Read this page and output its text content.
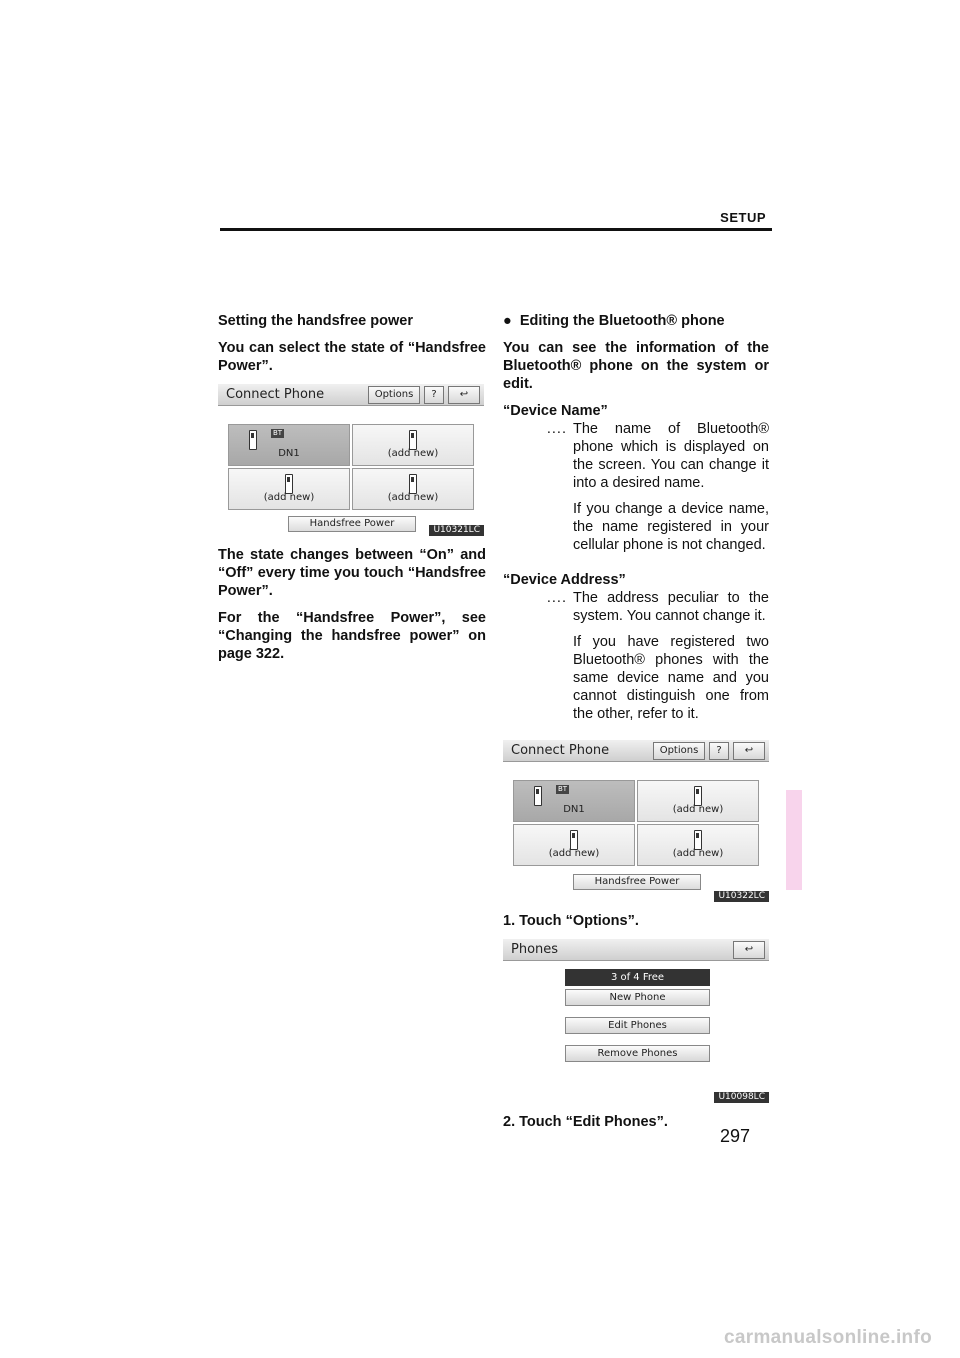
SETUP

Setting the handsfree power

You can select the state of “Handsfree Power”.

Connect Phone	Options	?	↩
BT
DN1	(add new)
(add new)	(add new)
Handsfree Power
U10321LC

The state changes between “On” and “Off” every time you touch “Handsfree Power”.

For the “Handsfree Power”, see “Changing the handsfree power” on page 322.

● Editing the Bluetooth® phone

You can see the information of the Bluetooth® phone on the system or edit.

“Device Name”

.... The name of Bluetooth® phone which is displayed on the screen. You can change it into a desired name.

If you change a device name, the name registered in your cellular phone is not changed.

“Device Address”

.... The address peculiar to the system. You cannot change it.

If you have registered two Bluetooth® phones with the same device name and you cannot distinguish one from the other, refer to it.

Connect Phone	Options	?	↩
BT
DN1	(add new)
(add new)	(add new)
Handsfree Power
U10322LC

1. Touch “Options”.

Phones	↩
3 of 4 Free
New Phone
Edit Phones
Remove Phones
U10098LC

2. Touch “Edit Phones”.

297
carmanualsonline.info
